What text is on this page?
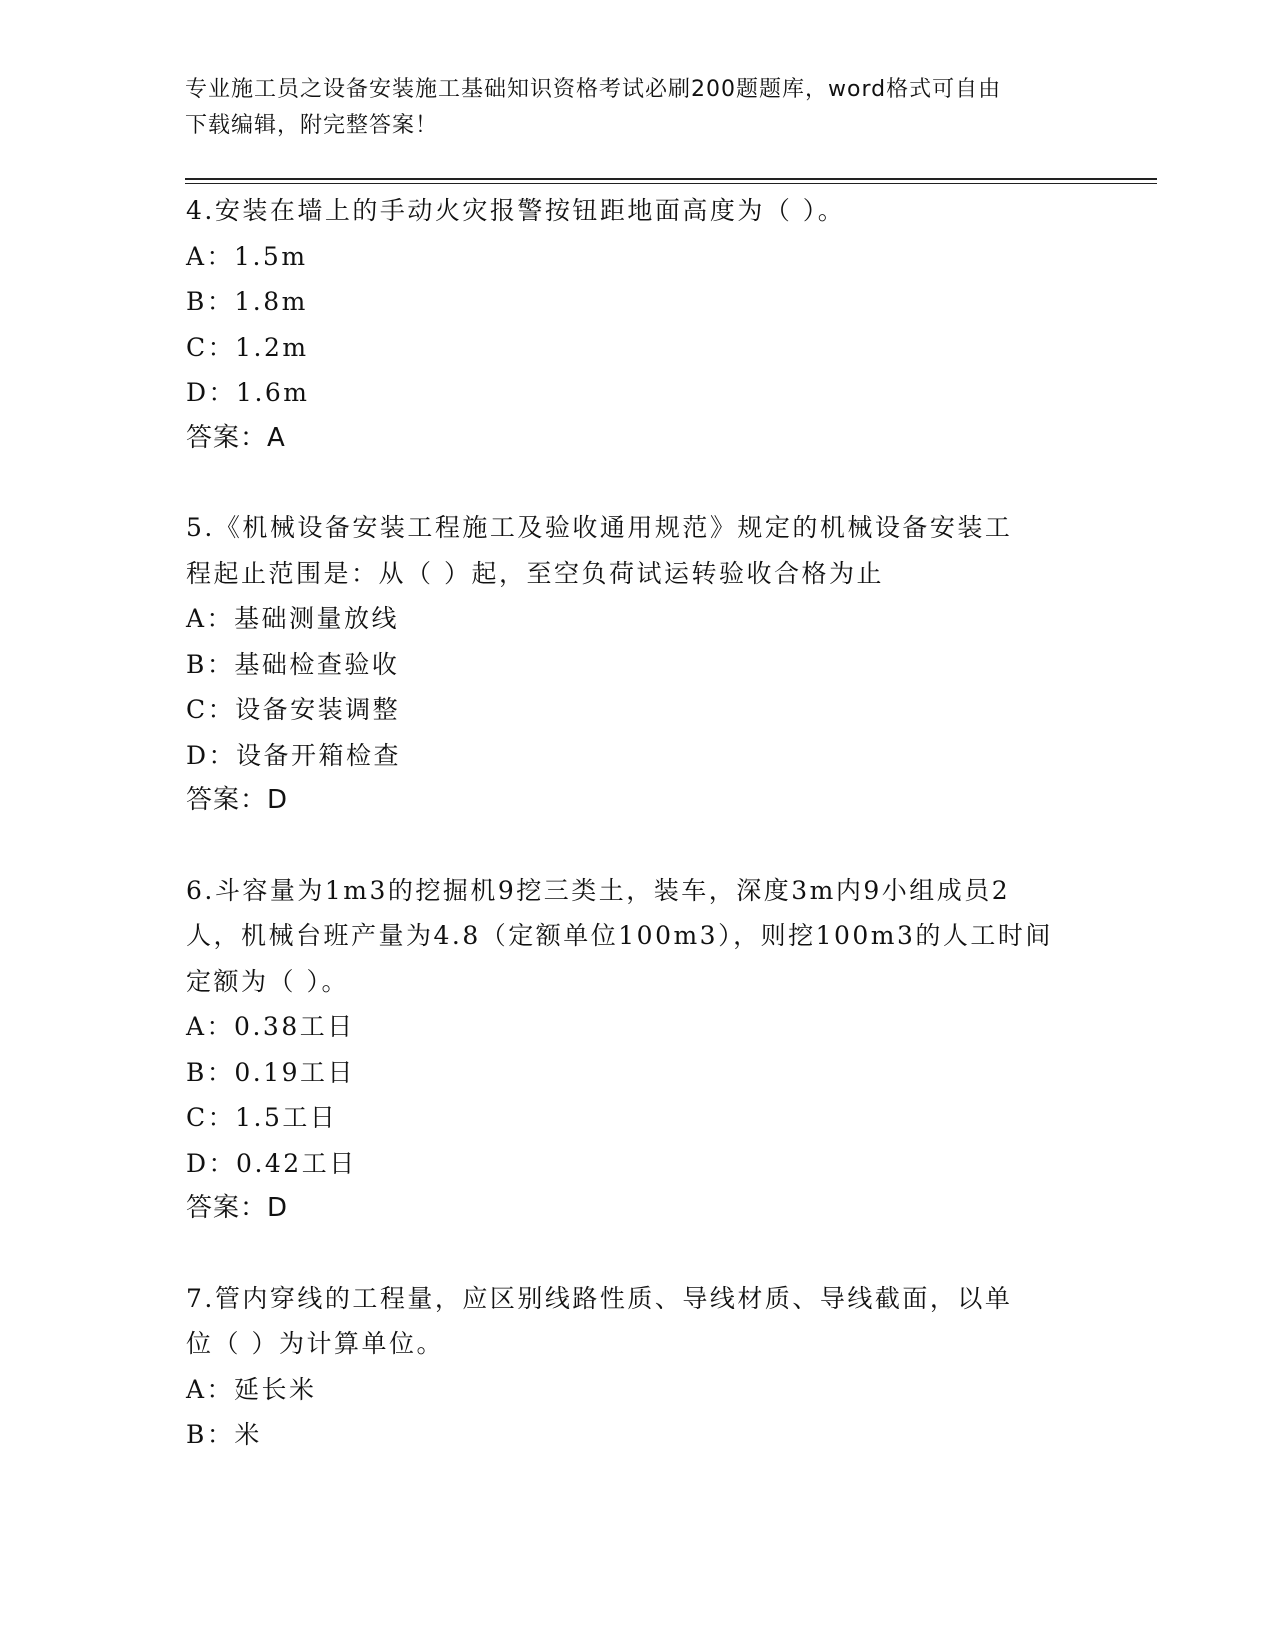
专业施工员之设备安装施工基础知识资格考试必刷200题题库，word格式可自由
下载编辑，附完整答案！

4.安装在墙上的手动火灾报警按钮距地面高度为（ ）。

A：1.5m

B：1.8m

C：1.2m

D：1.6m

答案：A

5.《机械设备安装工程施工及验收通用规范》规定的机械设备安装工

程起止范围是：从（ ）起，至空负荷试运转验收合格为止

A：基础测量放线

B：基础检查验收

C：设备安装调整

D：设备开箱检查

答案：D

6.斗容量为1m3的挖掘机9挖三类土，装车，深度3m内9小组成员2

人，机械台班产量为4.8（定额单位100m3），则挖100m3的人工时间

定额为（ ）。

A：0.38工日

B：0.19工日

C：1.5工日

D：0.42工日

答案：D

7.管内穿线的工程量，应区别线路性质、导线材质、导线截面，以单

位（ ）为计算单位。

A：延长米

B：米
